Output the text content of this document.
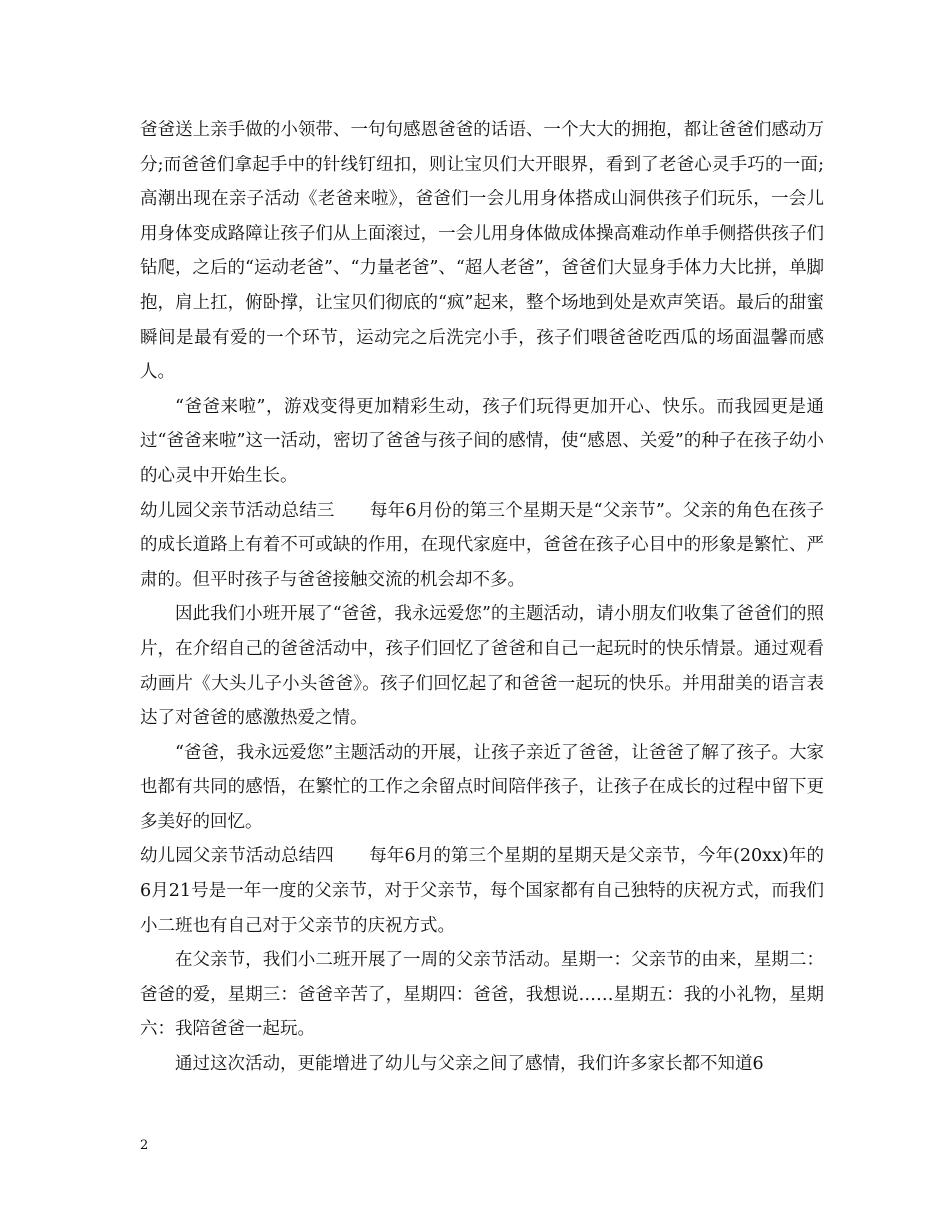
爸爸送上亲手做的小领带、一句句感恩爸爸的话语、一个大大的拥抱，都让爸爸们感动万分;而爸爸们拿起手中的针线钉纽扣，则让宝贝们大开眼界，看到了老爸心灵手巧的一面;高潮出现在亲子活动《老爸来啦》，爸爸们一会儿用身体搭成山洞供孩子们玩乐，一会儿用身体变成路障让孩子们从上面滚过，一会儿用身体做成体操高难动作单手侧搭供孩子们钻爬，之后的“运动老爸”、“力量老爸”、“超人老爸”，爸爸们大显身手体力大比拼，单脚抱，肩上扛，俯卧撑，让宝贝们彻底的“疯”起来，整个场地到处是欢声笑语。最后的甜蜜瞬间是最有爱的一个环节，运动完之后洗完小手，孩子们喂爸爸吃西瓜的场面温馨而感人。

“爸爸来啦”，游戏变得更加精彩生动，孩子们玩得更加开心、快乐。而我园更是通过“爸爸来啦”这一活动，密切了爸爸与孩子间的感情，使“感恩、关爱”的种子在孩子幼小的心灵中开始生长。

幼儿园父亲节活动总结三　　每年6月份的第三个星期天是“父亲节”。父亲的角色在孩子的成长道路上有着不可或缺的作用，在现代家庭中，爸爸在孩子心目中的形象是繁忙、严肃的。但平时孩子与爸爸接触交流的机会却不多。

因此我们小班开展了“爸爸，我永远爱您”的主题活动，请小朋友们收集了爸爸们的照片，在介绍自己的爸爸活动中，孩子们回忆了爸爸和自己一起玩时的快乐情景。通过观看动画片《大头儿子小头爸爸》。孩子们回忆起了和爸爸一起玩的快乐。并用甜美的语言表达了对爸爸的感激热爱之情。

“爸爸，我永远爱您”主题活动的开展，让孩子亲近了爸爸，让爸爸了解了孩子。大家也都有共同的感悟，在繁忙的工作之余留点时间陪伴孩子，让孩子在成长的过程中留下更多美好的回忆。

幼儿园父亲节活动总结四　　每年6月的第三个星期的星期天是父亲节，今年(20xx)年的6月21号是一年一度的父亲节，对于父亲节，每个国家都有自己独特的庆祝方式，而我们小二班也有自己对于父亲节的庆祝方式。

在父亲节，我们小二班开展了一周的父亲节活动。星期一：父亲节的由来，星期二：爸爸的爱，星期三：爸爸辛苦了，星期四：爸爸，我想说……星期五：我的小礼物，星期六：我陪爸爸一起玩。

通过这次活动，更能增进了幼儿与父亲之间了感情，我们许多家长都不知道6

2
